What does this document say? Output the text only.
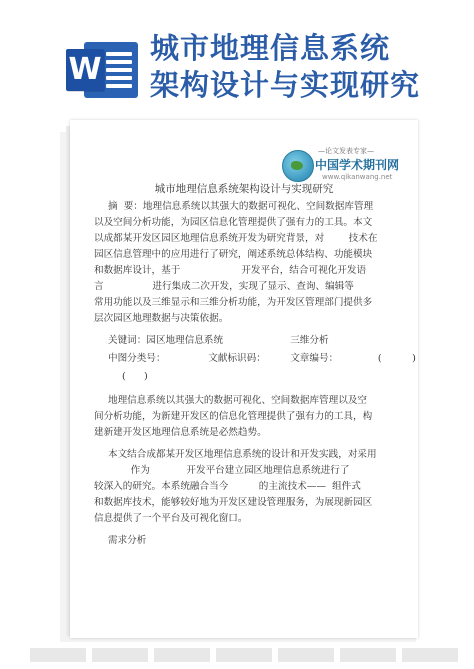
W
城市地理信息系统
架构设计与实现研究
—论文发表专家—
中国学术期刊网
www.qikanwang.net
城市地理信息系统架构设计与实现研究

摘  要：地理信息系统以其强大的数据可视化、空间数据库管理

以及空间分析功能，为园区信息化管理提供了强有力的工具。本文

以成都某开发区园区地理信息系统开发为研究背景，对        技术在

园区信息管理中的应用进行了研究，阐述系统总体结构、功能模块

和数据库设计，基于                    开发平台，结合可视化开发语

言                进行集成二次开发，实现了显示、查询、编辑等

常用功能以及三维显示和三维分析功能，为开发区管理部门提供多

层次园区地理数据与决策依据。

关键词：园区地理信息系统                      三维分析

中图分类号：              文献标识码：        文章编号：             (          )

(      )

地理信息系统以其强大的数据可视化、空间数据库管理以及空

间分析功能，为新建开发区的信息化管理提供了强有力的工具，构

建新建开发区地理信息系统是必然趋势。

本文结合成都某开发区地理信息系统的设计和开发实践，对采用

作为            开发平台建立园区地理信息系统进行了

较深入的研究。本系统融合当今          的主流技术——  组件式

和数据库技术，能够较好地为开发区建设管理服务，为展现新园区

信息提供了一个平台及可视化窗口。

需求分析
